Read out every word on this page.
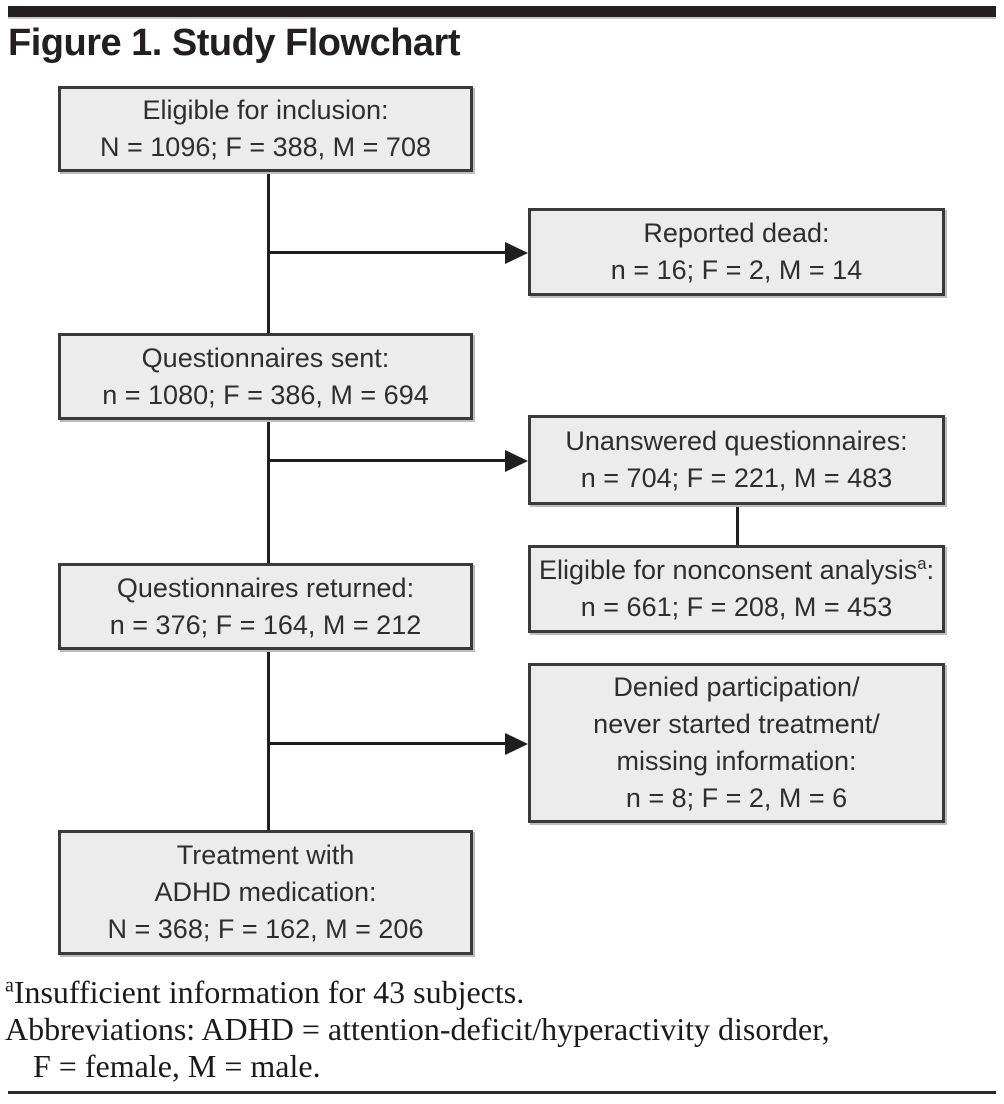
Figure 1. Study Flowchart
Eligible for inclusion:
N = 1096; F = 388, M = 708
Questionnaires sent:
n = 1080; F = 386, M = 694
Questionnaires returned:
n = 376; F = 164, M = 212
Treatment with
ADHD medication:
N = 368; F = 162, M = 206
Reported dead:
n = 16; F = 2, M = 14
Unanswered questionnaires:
n = 704; F = 221, M = 483
Eligible for nonconsent analysis$^a$:
n = 661; F = 208, M = 453
Denied participation/
never started treatment/
missing information:
n = 8; F = 2, M = 6

$^a$Insufficient information for 43 subjects.

Abbreviations: ADHD = attention-deficit/hyperactivity disorder,

F = female, M = male.
